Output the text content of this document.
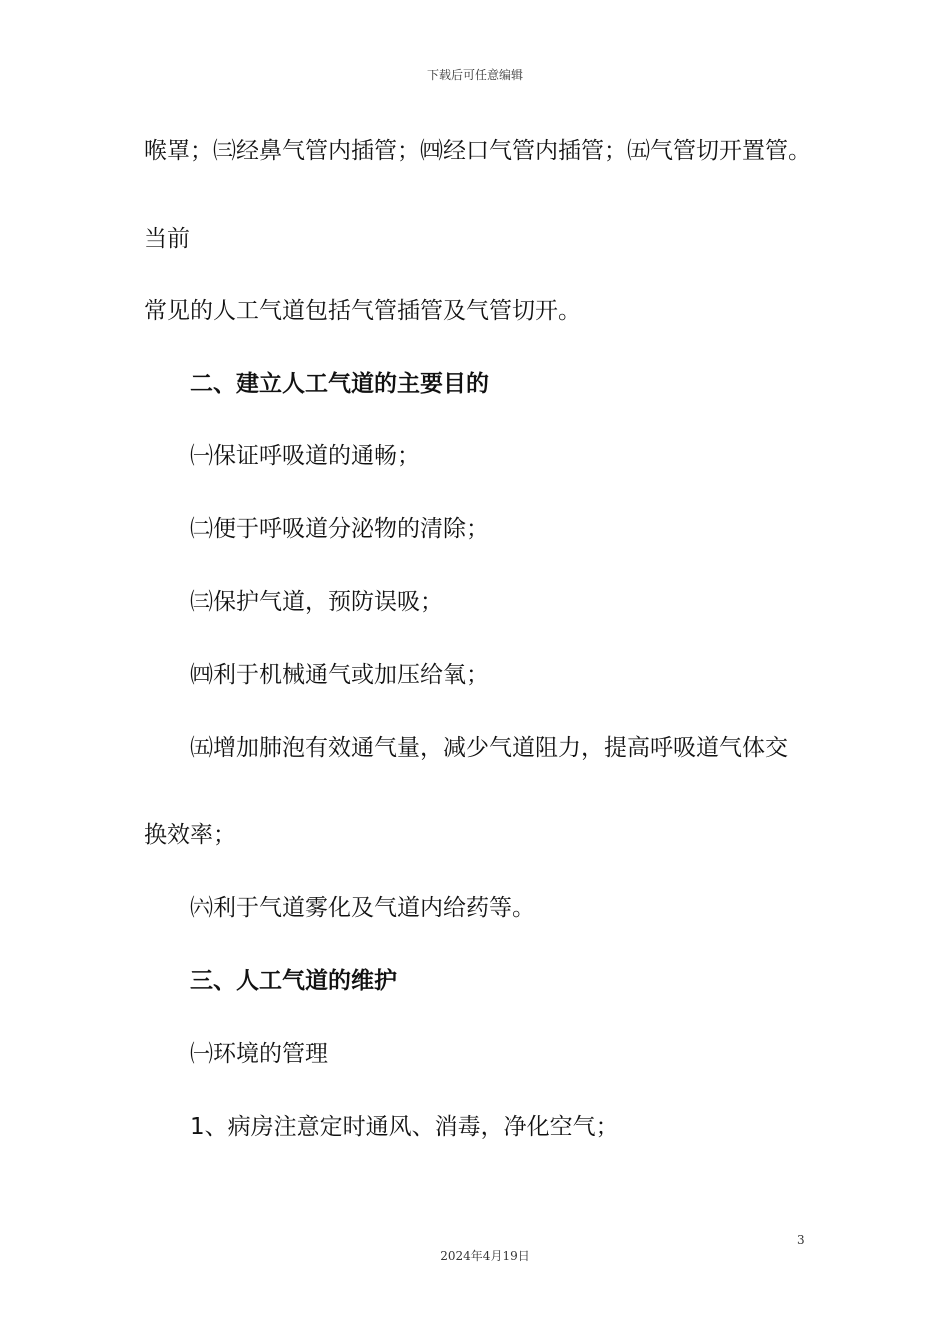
下载后可任意编辑
喉罩；㈢经鼻气管内插管；㈣经口气管内插管；㈤气管切开置管。
当前
常见的人工气道包括气管插管及气管切开。
二、建立人工气道的主要目的
㈠保证呼吸道的通畅；
㈡便于呼吸道分泌物的清除；
㈢保护气道，预防误吸；
㈣利于机械通气或加压给氧；
㈤增加肺泡有效通气量，减少气道阻力，提高呼吸道气体交
换效率；
㈥利于气道雾化及气道内给药等。
三、人工气道的维护
㈠环境的管理
1、病房注意定时通风、消毒，净化空气；
3
2024年4月19日
